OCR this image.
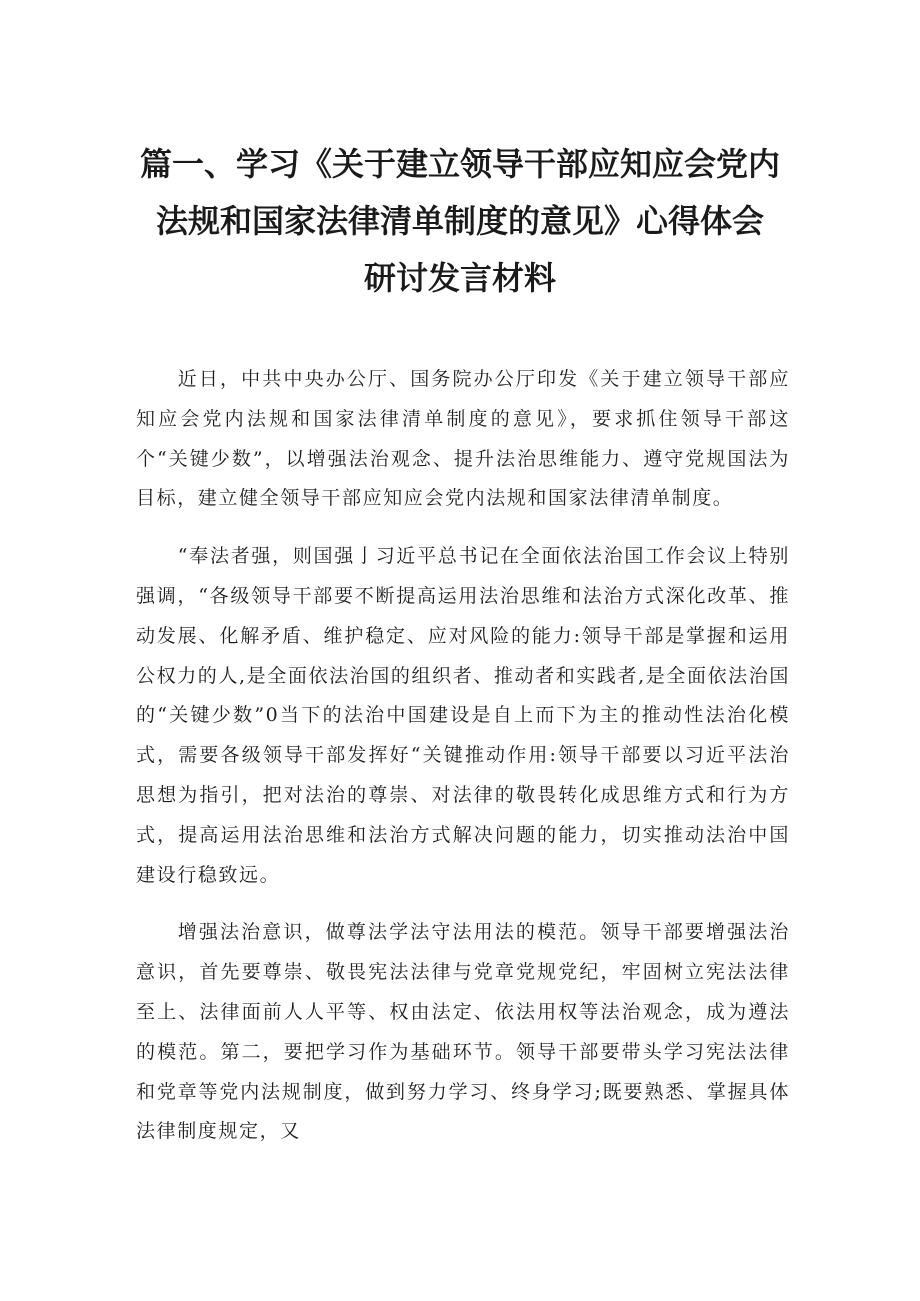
篇一、学习《关于建立领导干部应知应会党内
法规和国家法律清单制度的意见》心得体会
研讨发言材料

近日，中共中央办公厅、国务院办公厅印发《关于建立领导干部应知应会党内法规和国家法律清单制度的意见》，要求抓住领导干部这个“关键少数”，以增强法治观念、提升法治思维能力、遵守党规国法为目标，建立健全领导干部应知应会党内法规和国家法律清单制度。

“奉法者强，则国强亅习近平总书记在全面依法治国工作会议上特别强调，“各级领导干部要不断提高运用法治思维和法治方式深化改革、推动发展、化解矛盾、维护稳定、应对风险的能力:领导干部是掌握和运用公权力的人,是全面依法治国的组织者、推动者和实践者,是全面依法治国的“关键少数”0当下的法治中国建设是自上而下为主的推动性法治化模式，需要各级领导干部发挥好“关键推动作用:领导干部要以习近平法治思想为指引，把对法治的尊崇、对法律的敬畏转化成思维方式和行为方式，提高运用法治思维和法治方式解决问题的能力，切实推动法治中国建设行稳致远。

增强法治意识，做尊法学法守法用法的模范。领导干部要增强法治意识，首先要尊崇、敬畏宪法法律与党章党规党纪，牢固树立宪法法律至上、法律面前人人平等、权由法定、依法用权等法治观念，成为遵法的模范。第二，要把学习作为基础环节。领导干部要带头学习宪法法律和党章等党内法规制度，做到努力学习、终身学习;既要熟悉、掌握具体法律制度规定，又
